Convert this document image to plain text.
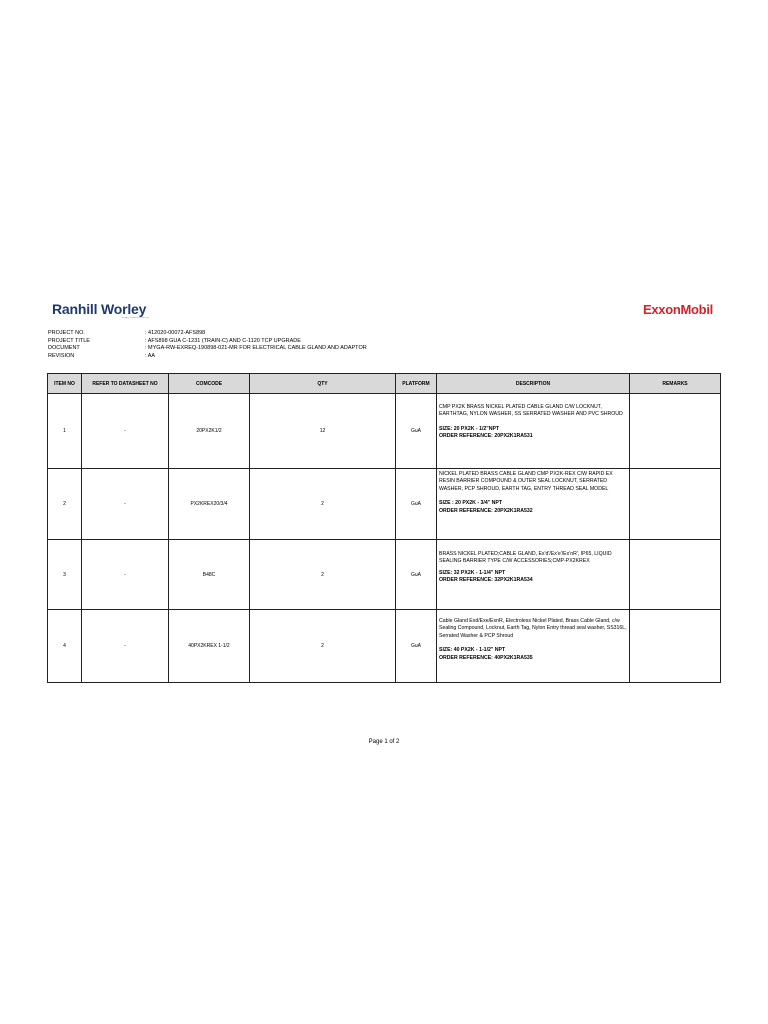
Ranhill Worley
energy | chemicals | resources
ExxonMobil
PROJECT NO.	: 412020-00072-AFS898
PROJECT TITLE	: AFS898 GUA C-1231 (TRAIN-C) AND C-1120 TCP UPGRADE
DOCUMENT	: MYGA-RW-EXREQ-190898-021-MR FOR ELECTRICAL CABLE GLAND AND ADAPTOR
REVISION	: AA
ITEM NO	REFER TO DATASHEET NO	COMCODE	QTY	PLATFORM	DESCRIPTION	REMARKS
1	-	20PX2K1/2	12	GuA	CMP PX2K BRASS NICKEL PLATED CABLE GLAND C/W LOCKNUT, EARTHTAG, NYLON WASHER, SS SERRATED WASHER AND PVC SHROUD
SIZE: 20 PX2K - 1/2"NPT
ORDER REFERENCE: 20PX2K1RA531	

2	-	PX2KREX20/3/4	2	GuA	NICKEL PLATED BRASS CABLE GLAND CMP PX2K-REX C/W RAPID EX RESIN BARRIER COMPOUND & OUTER SEAL LOCKNUT, SERRATED WASHER, PCP SHROUD, EARTH TAG, ENTRY THREAD SEAL MODEL
SIZE : 20 PX2K - 3/4" NPT
ORDER REFERENCE: 20PX2K1RA532	

3	-	B48C	2	GuA	BRASS NICKEL PLATED;CABLE GLAND, Ex'd'/Ex'e'/Ex'nR', IP65, LIQUID SEALING BARRIER TYPE C/W ACCESSORIES;CMP-PX2KREX
SIZE: 32 PX2K - 1-1/4" NPT
ORDER REFERENCE: 32PX2K1RA534	

4	-	40PX2KREX 1-1/2	2	GuA	Cable Gland Exd/Exe/ExnR, Electroless Nickel Plated, Brass Cable Gland, c/w Sealing Compound, Locknut, Earth Tag, Nylon Entry thread seal washer, SS316L, Serrated Washer & PCP Shroud
SIZE: 40 PX2K - 1-1/2" NPT
ORDER REFERENCE: 40PX2K1RA535	

Page 1 of 2
